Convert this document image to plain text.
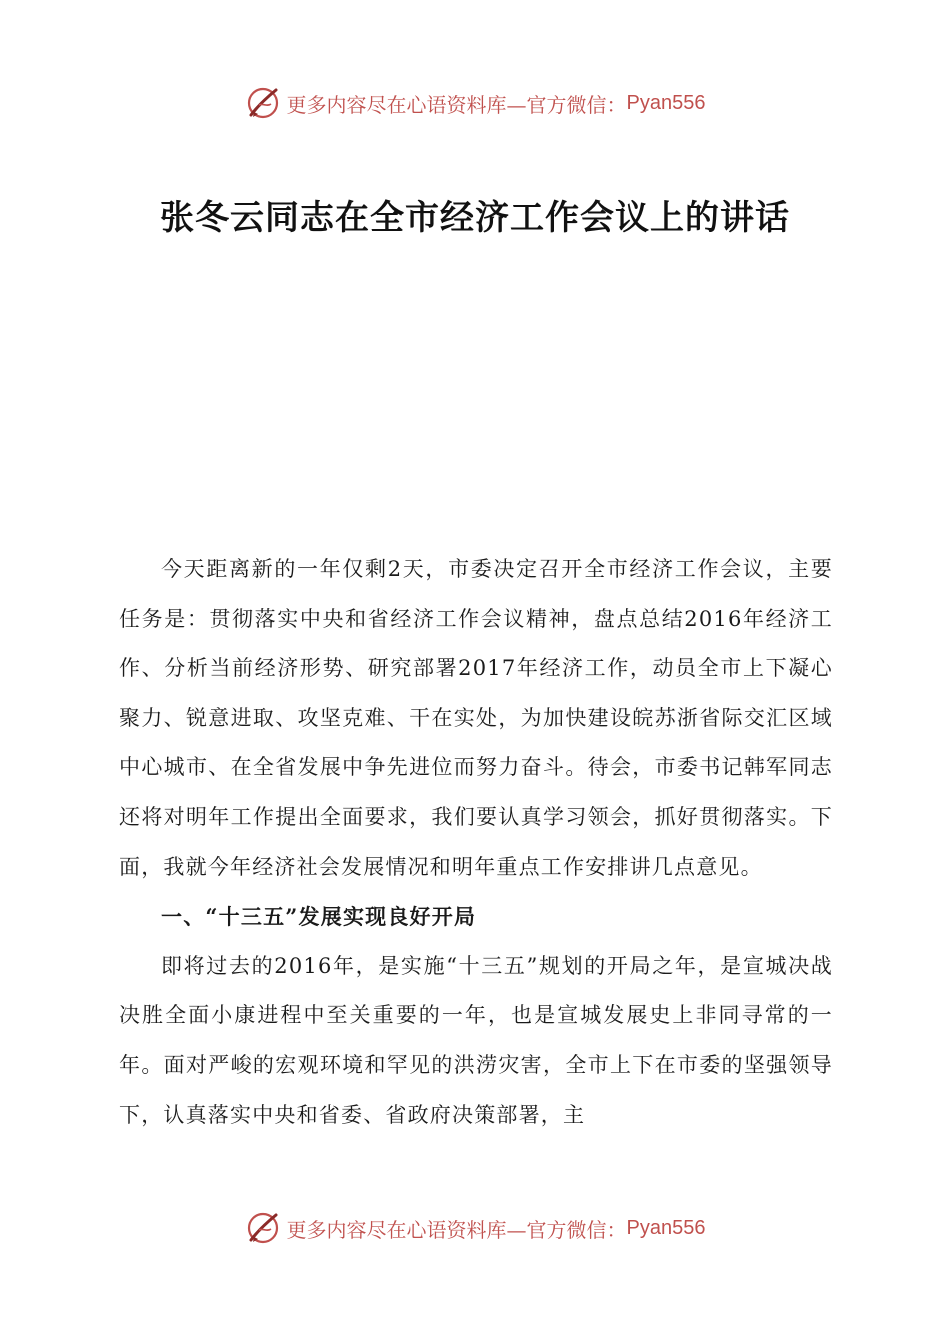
更多内容尽在心语资料库—官方微信： Pyan556
张冬云同志在全市经济工作会议上的讲话

今天距离新的一年仅剩2天，市委决定召开全市经济工作会议，主要任务是：贯彻落实中央和省经济工作会议精神，盘点总结2016年经济工作、分析当前经济形势、研究部署2017年经济工作，动员全市上下凝心聚力、锐意进取、攻坚克难、干在实处，为加快建设皖苏浙省际交汇区域中心城市、在全省发展中争先进位而努力奋斗。待会，市委书记韩军同志还将对明年工作提出全面要求，我们要认真学习领会，抓好贯彻落实。下面，我就今年经济社会发展情况和明年重点工作安排讲几点意见。

一、“十三五”发展实现良好开局

即将过去的2016年，是实施“十三五”规划的开局之年，是宣城决战决胜全面小康进程中至关重要的一年，也是宣城发展史上非同寻常的一年。面对严峻的宏观环境和罕见的洪涝灾害，全市上下在市委的坚强领导下，认真落实中央和省委、省政府决策部署，主

更多内容尽在心语资料库—官方微信： Pyan556
